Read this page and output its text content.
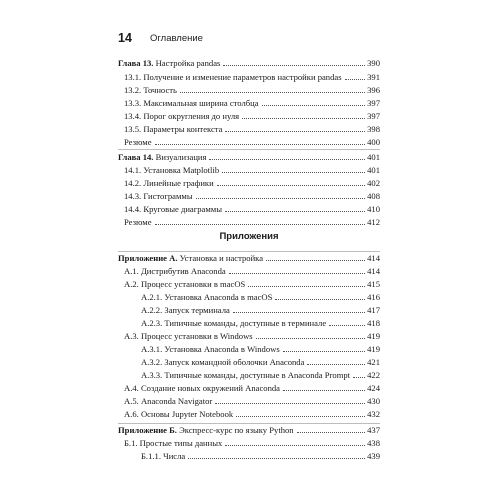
14 Оглавление
Глава 13. Настройка pandas	390
13.1. Получение и изменение параметров настройки pandas	391
13.2. Точность	396
13.3. Максимальная ширина столбца	397
13.4. Порог округления до нуля	397
13.5. Параметры контекста	398
Резюме	400
Глава 14. Визуализация	401
14.1. Установка Matplotlib	401
14.2. Линейные графики	402
14.3. Гистограммы	408
14.4. Круговые диаграммы	410
Резюме	412
Приложения
Приложение А. Установка и настройка	414
А.1. Дистрибутив Anaconda	414
А.2. Процесс установки в macOS	415
А.2.1. Установка Anaconda в macOS	416
А.2.2. Запуск терминала	417
А.2.3. Типичные команды, доступные в терминале	418
А.3. Процесс установки в Windows	419
А.3.1. Установка Anaconda в Windows	419
А.3.2. Запуск командной оболочки Anaconda	421
А.3.3. Типичные команды, доступные в Anaconda Prompt 422
А.4. Создание новых окружений Anaconda	424
А.5. Anaconda Navigator	430
А.6. Основы Jupyter Notebook	432
Приложение Б. Экспресс-курс по языку Python	437
Б.1. Простые типы данных	438
Б.1.1. Числа	439
